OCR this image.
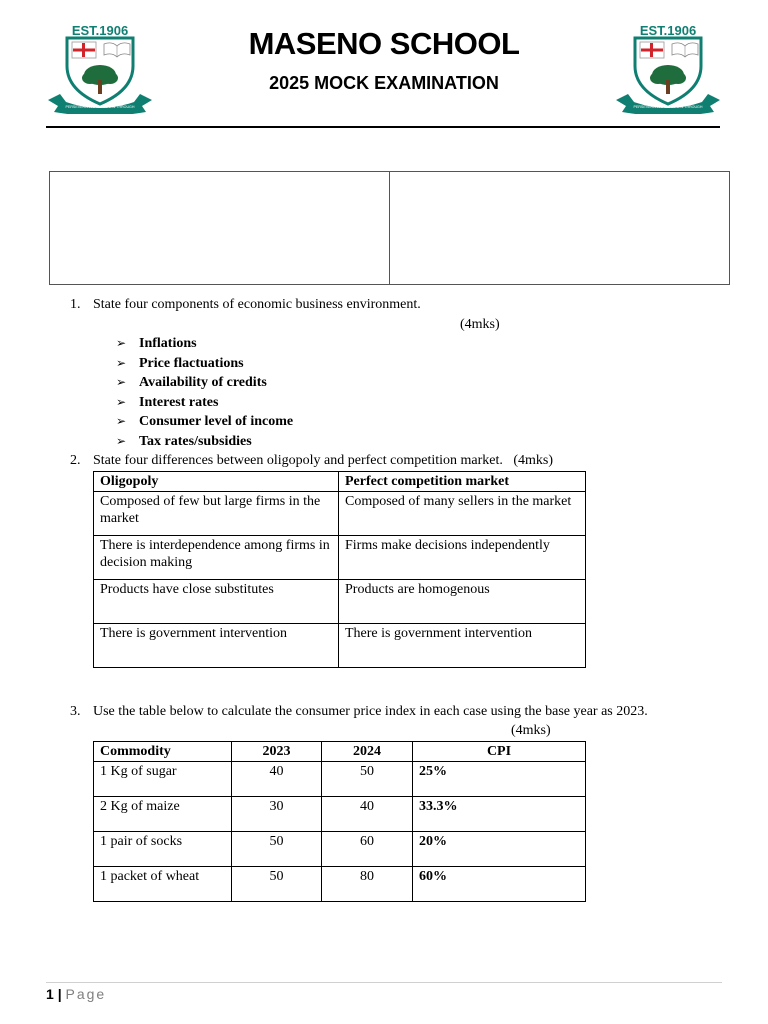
EST.1906
PERSEVERANCE SHALL WIN THROUGH
EST.1906
PERSEVERANCE SHALL WIN THROUGH
MASENO SCHOOL
2025 MOCK EXAMINATION
1. State four components of economic business environment.
(4mks)
➢ Inflations
➢ Price flactuations
➢ Availability of credits
➢ Interest rates
➢ Consumer level of income
➢ Tax rates/subsidies
2. State four differences between oligopoly and perfect competition market. (4mks)
Oligopoly	Perfect competition market
Composed of few but large firms in the market	Composed of many sellers in the market
There is interdependence among firms in decision making	Firms make decisions independently
Products have close substitutes	Products are homogenous
There is government intervention	There is government intervention
3. Use the table below to calculate the consumer price index in each case using the base year as 2023.
(4mks)
Commodity	2023	2024	CPI
1 Kg of sugar	40	50	25%
2 Kg of maize	30	40	33.3%
1 pair of socks	50	60	20%
1 packet of wheat	50	80	60%
1 | Page
